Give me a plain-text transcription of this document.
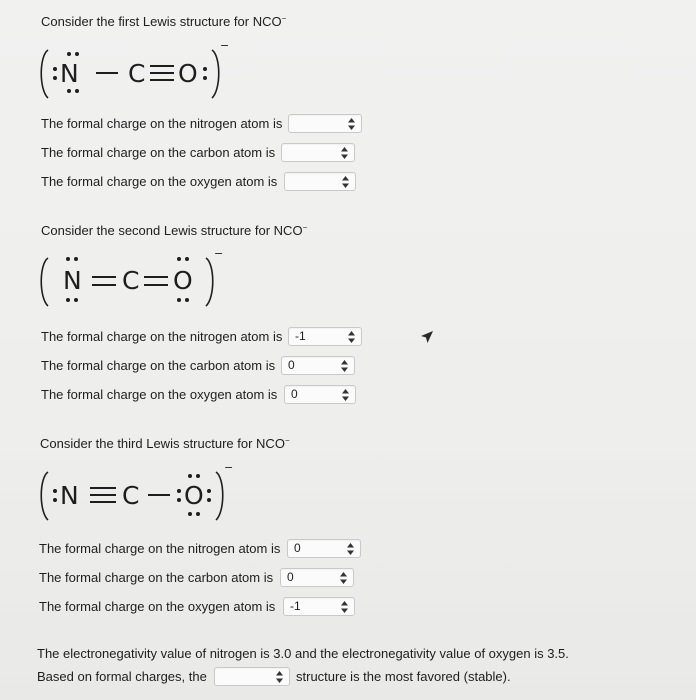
Consider the first Lewis structure for NCO−
N C O
−
The formal charge on the nitrogen atom is
The formal charge on the carbon atom is
The formal charge on the oxygen atom is
Consider the second Lewis structure for NCO−
N C O
−
The formal charge on the nitrogen atom is	-1
The formal charge on the carbon atom is	0
The formal charge on the oxygen atom is	0
Consider the third Lewis structure for NCO−
N C O
−
The formal charge on the nitrogen atom is	0
The formal charge on the carbon atom is	0
The formal charge on the oxygen atom is	-1
The electronegativity value of nitrogen is 3.0 and the electronegativity value of oxygen is 3.5.
Based on formal charges, the	structure is the most favored (stable).
